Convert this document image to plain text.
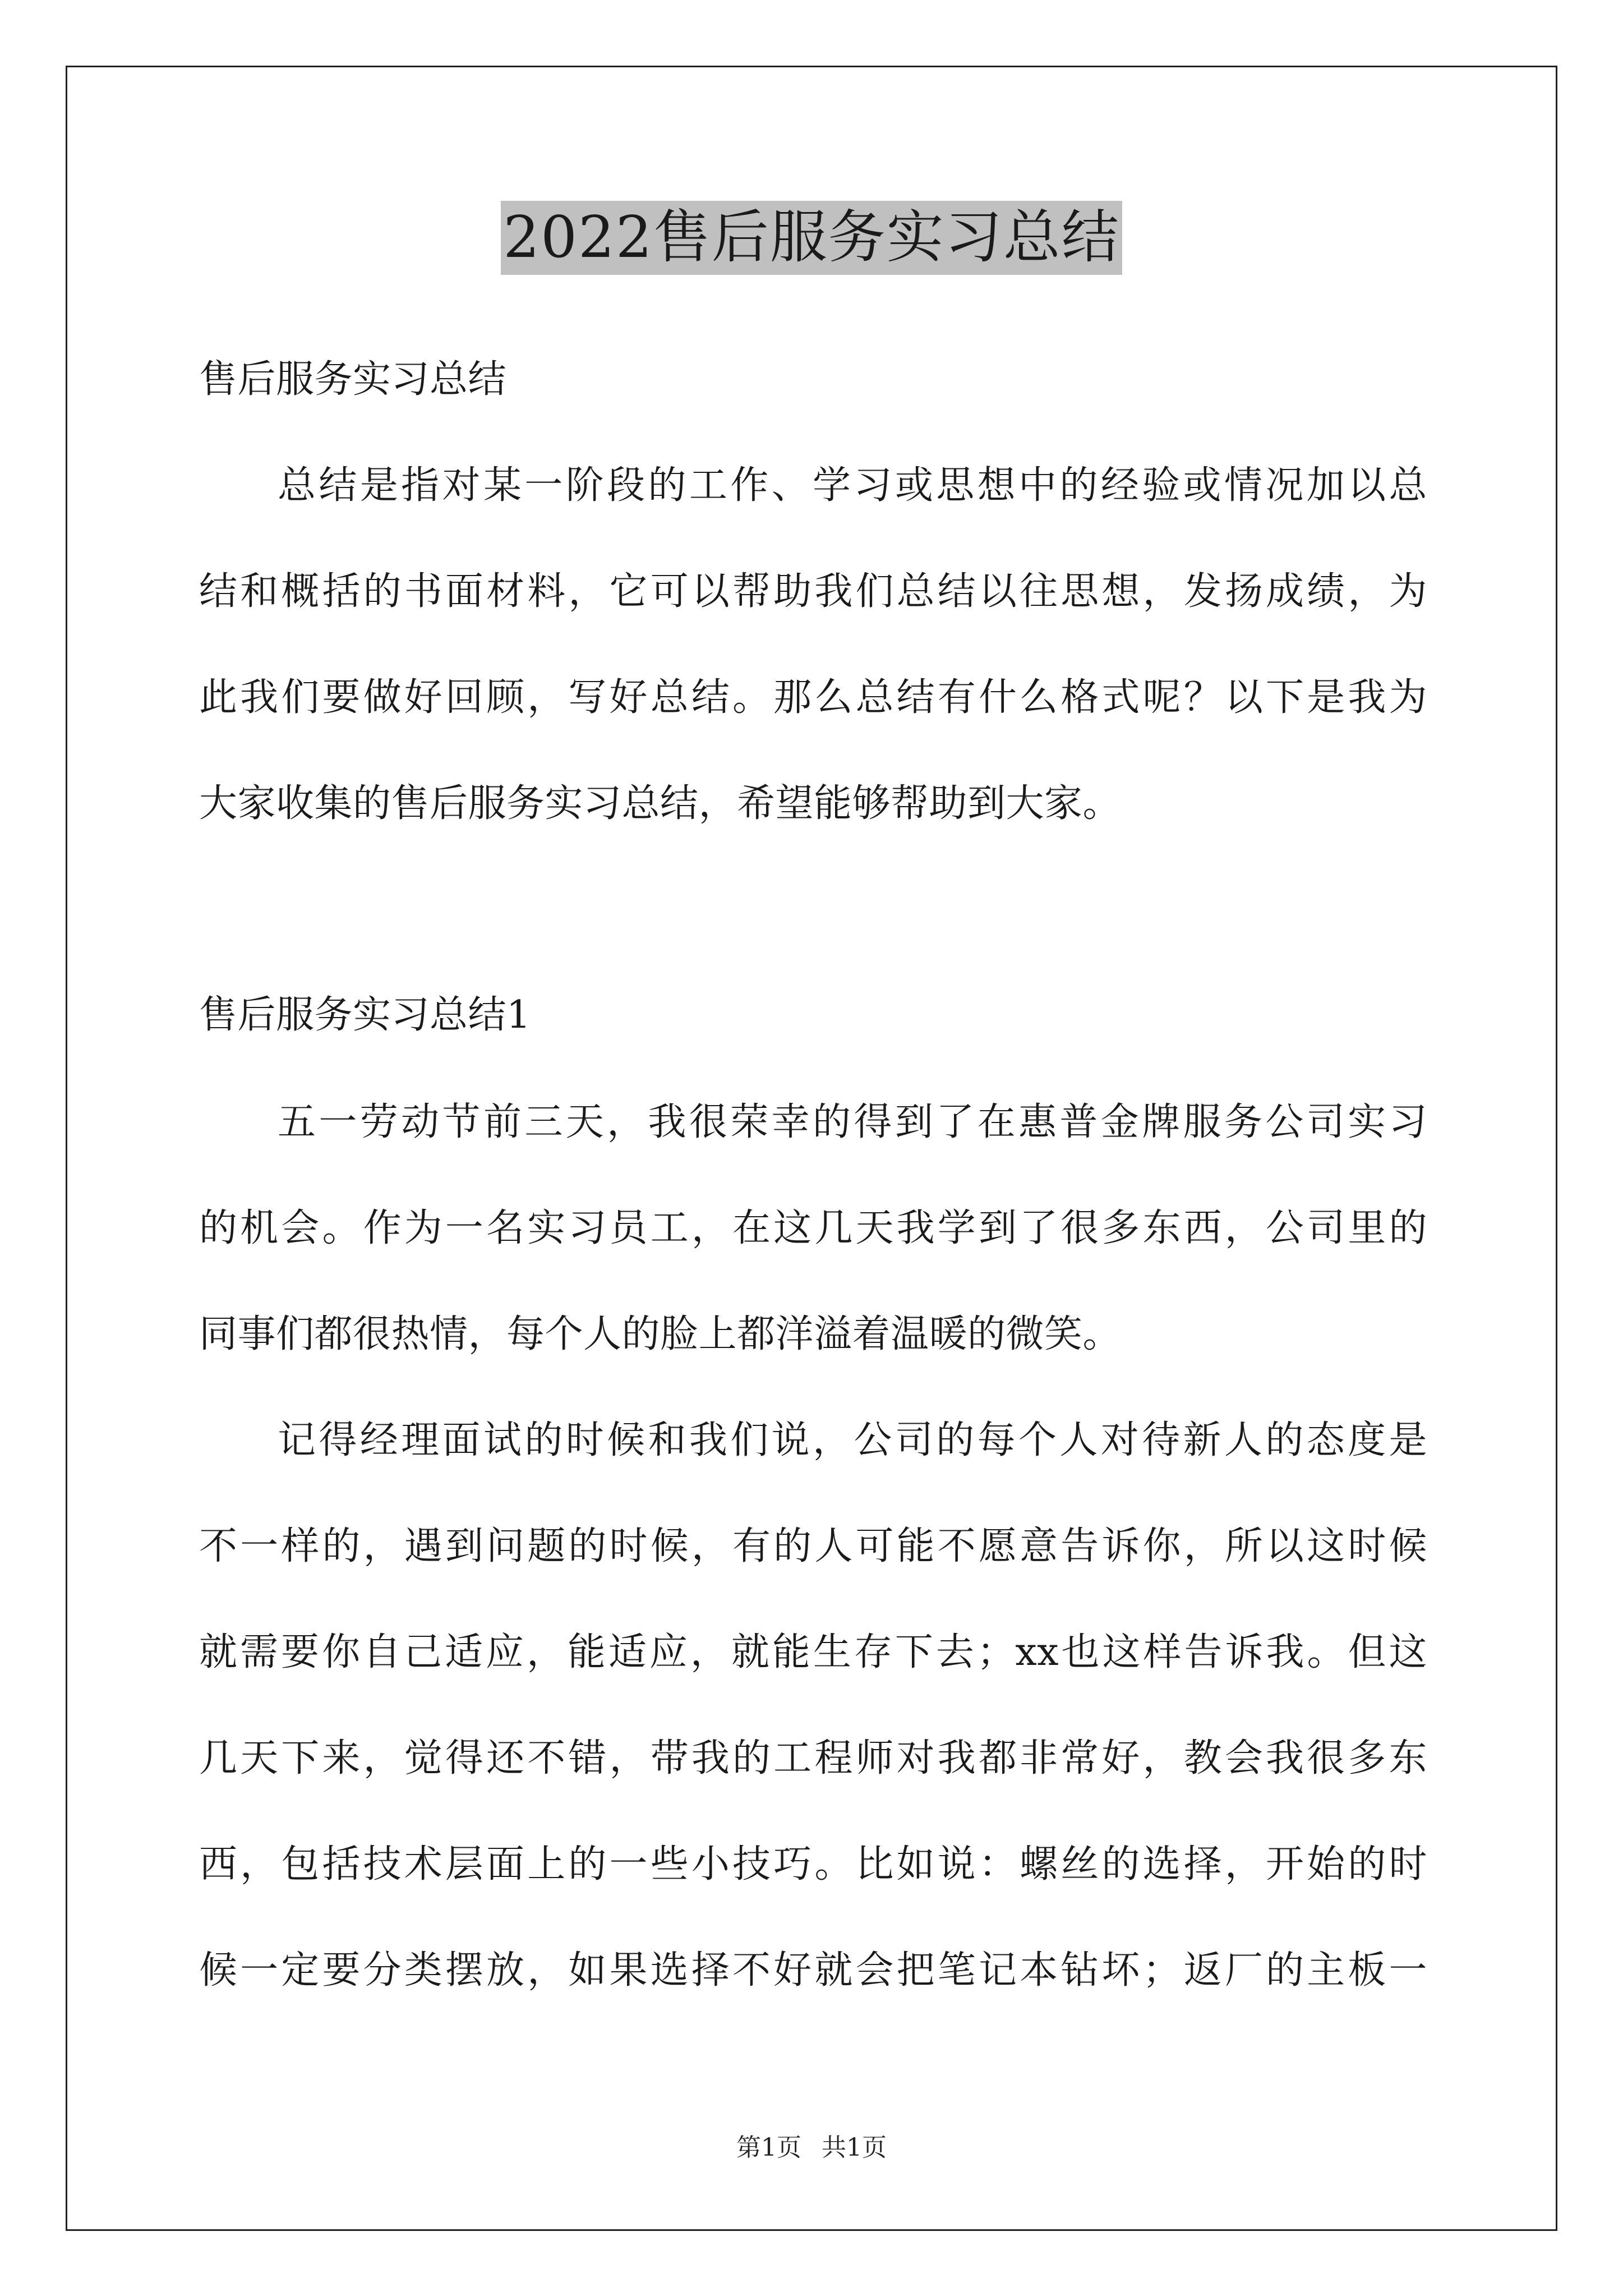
2022售后服务实习总结
售后服务实习总结
总结是指对某一阶段的工作、学习或思想中的经验或情况加以总
结和概括的书面材料，它可以帮助我们总结以往思想，发扬成绩，为
此我们要做好回顾，写好总结。那么总结有什么格式呢？以下是我为
大家收集的售后服务实习总结，希望能够帮助到大家。
售后服务实习总结1
五一劳动节前三天，我很荣幸的得到了在惠普金牌服务公司实习
的机会。作为一名实习员工，在这几天我学到了很多东西，公司里的
同事们都很热情，每个人的脸上都洋溢着温暖的微笑。
记得经理面试的时候和我们说，公司的每个人对待新人的态度是
不一样的，遇到问题的时候，有的人可能不愿意告诉你，所以这时候
就需要你自己适应，能适应，就能生存下去；xx也这样告诉我。但这
几天下来，觉得还不错，带我的工程师对我都非常好，教会我很多东
西，包括技术层面上的一些小技巧。比如说：螺丝的选择，开始的时
候一定要分类摆放，如果选择不好就会把笔记本钻坏；返厂的主板一
第1页 共1页
